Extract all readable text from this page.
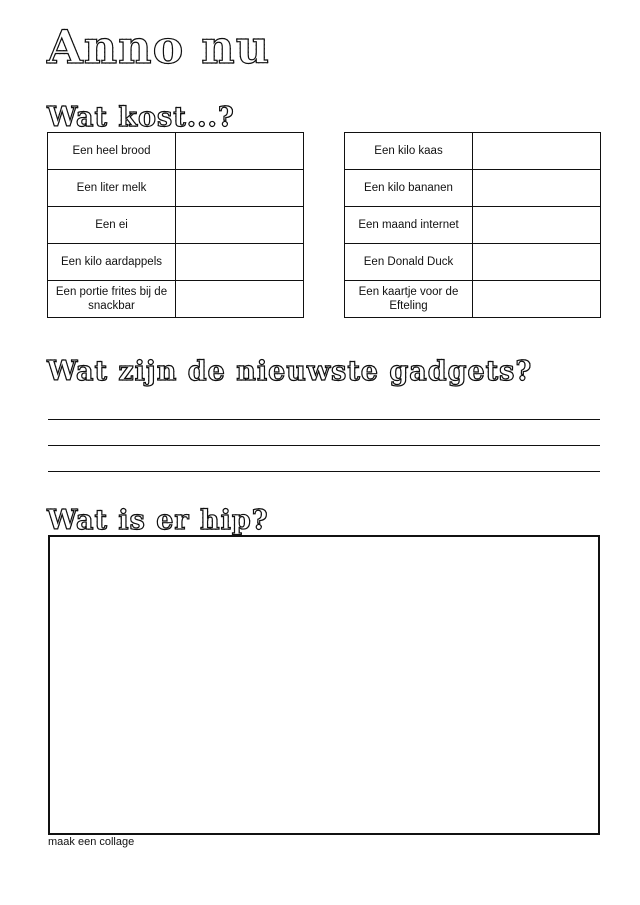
Anno nu
Wat kost...?
Een heel brood	
Een liter melk	
Een ei	
Een kilo aardappels	
Een portie frites bij de snackbar	
Een kilo kaas	
Een kilo bananen	
Een maand internet	
Een Donald Duck	
Een kaartje voor de Efteling	
Wat zijn de nieuwste gadgets?
Wat is er hip?
maak een collage
